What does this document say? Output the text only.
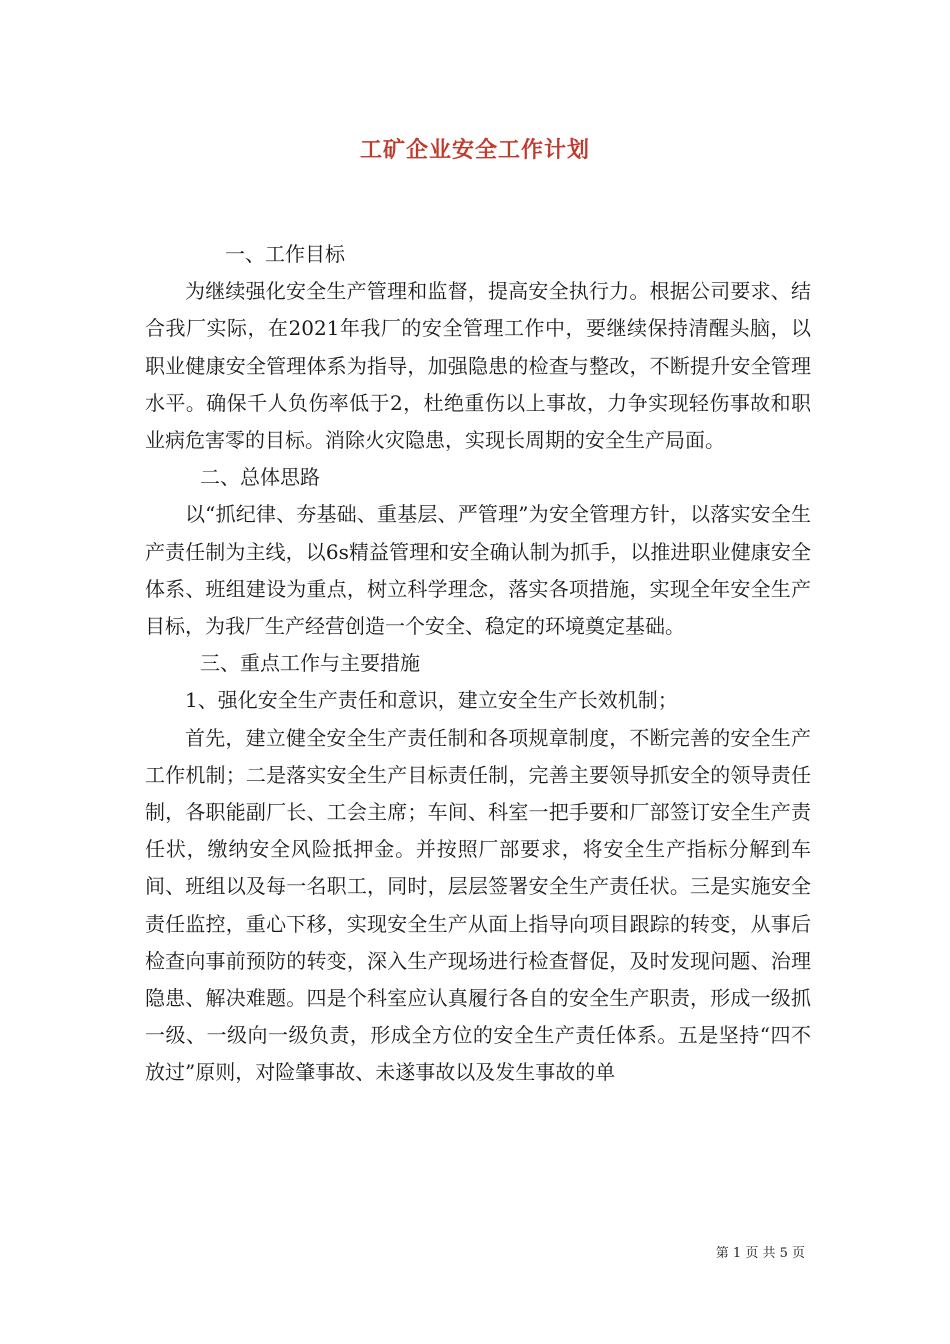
工矿企业安全工作计划

一、工作目标

为继续强化安全生产管理和监督，提高安全执行力。根据公司要求、结合我厂实际，在2021年我厂的安全管理工作中，要继续保持清醒头脑，以职业健康安全管理体系为指导，加强隐患的检查与整改，不断提升安全管理水平。确保千人负伤率低于2，杜绝重伤以上事故，力争实现轻伤事故和职业病危害零的目标。消除火灾隐患，实现长周期的安全生产局面。

二、总体思路

以“抓纪律、夯基础、重基层、严管理”为安全管理方针，以落实安全生产责任制为主线，以6s精益管理和安全确认制为抓手，以推进职业健康安全体系、班组建设为重点，树立科学理念，落实各项措施，实现全年安全生产目标，为我厂生产经营创造一个安全、稳定的环境奠定基础。

三、重点工作与主要措施

1、强化安全生产责任和意识，建立安全生产长效机制；

首先，建立健全安全生产责任制和各项规章制度，不断完善的安全生产工作机制；二是落实安全生产目标责任制，完善主要领导抓安全的领导责任制，各职能副厂长、工会主席；车间、科室一把手要和厂部签订安全生产责任状，缴纳安全风险抵押金。并按照厂部要求，将安全生产指标分解到车间、班组以及每一名职工，同时，层层签署安全生产责任状。三是实施安全责任监控，重心下移，实现安全生产从面上指导向项目跟踪的转变，从事后检查向事前预防的转变，深入生产现场进行检查督促，及时发现问题、治理隐患、解决难题。四是个科室应认真履行各自的安全生产职责，形成一级抓一级、一级向一级负责，形成全方位的安全生产责任体系。五是坚持“四不放过”原则，对险肇事故、未遂事故以及发生事故的单

第 1 页 共 5 页
